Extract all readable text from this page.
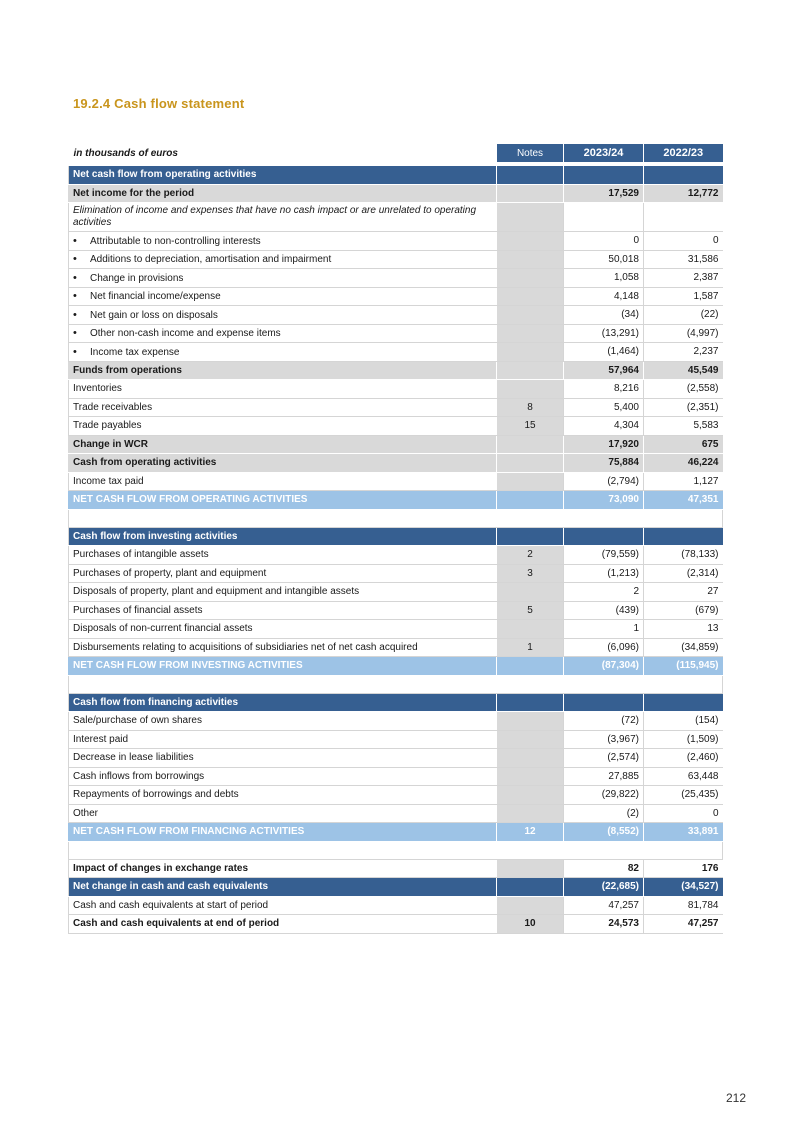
19.2.4 Cash flow statement
in thousands of euros	Notes	2023/24	2022/23

Net cash flow from operating activities			
Net income for the period		17,529	12,772
Elimination of income and expenses that have no cash impact or are unrelated to operating activities			
• Attributable to non-controlling interests		0	0
• Additions to depreciation, amortisation and impairment		50,018	31,586
• Change in provisions		1,058	2,387
• Net financial income/expense		4,148	1,587
• Net gain or loss on disposals		(34)	(22)
• Other non-cash income and expense items		(13,291)	(4,997)
• Income tax expense		(1,464)	2,237
Funds from operations		57,964	45,549
Inventories		8,216	(2,558)
Trade receivables	8	5,400	(2,351)
Trade payables	15	4,304	5,583
Change in WCR		17,920	675
Cash from operating activities		75,884	46,224
Income tax paid		(2,794)	1,127
NET CASH FLOW FROM OPERATING ACTIVITIES		73,090	47,351

Cash flow from investing activities			
Purchases of intangible assets	2	(79,559)	(78,133)
Purchases of property, plant and equipment	3	(1,213)	(2,314)
Disposals of property, plant and equipment and intangible assets		2	27
Purchases of financial assets	5	(439)	(679)
Disposals of non-current financial assets		1	13
Disbursements relating to acquisitions of subsidiaries net of net cash acquired	1	(6,096)	(34,859)
NET CASH FLOW FROM INVESTING ACTIVITIES		(87,304)	(115,945)

Cash flow from financing activities			
Sale/purchase of own shares		(72)	(154)
Interest paid		(3,967)	(1,509)
Decrease in lease liabilities		(2,574)	(2,460)
Cash inflows from borrowings		27,885	63,448
Repayments of borrowings and debts		(29,822)	(25,435)
Other		(2)	0
NET CASH FLOW FROM FINANCING ACTIVITIES	12	(8,552)	33,891

Impact of changes in exchange rates		82	176
Net change in cash and cash equivalents		(22,685)	(34,527)
Cash and cash equivalents at start of period		47,257	81,784
Cash and cash equivalents at end of period	10	24,573	47,257
212
